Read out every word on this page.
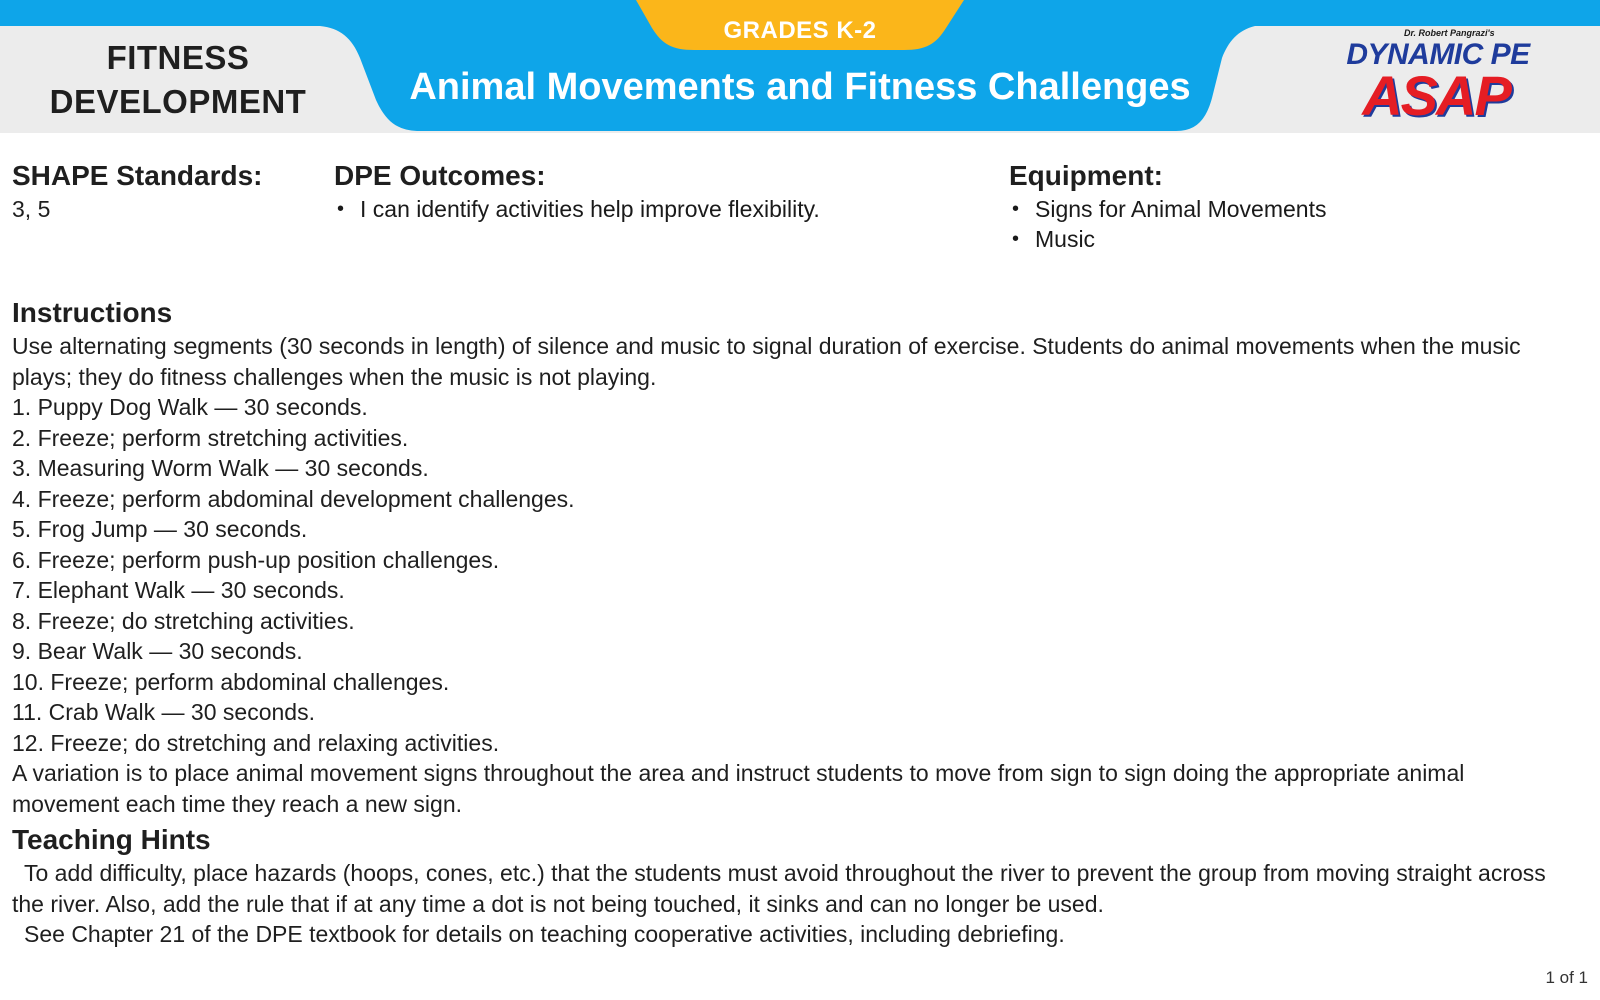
FITNESS
DEVELOPMENT
GRADES K-2
Animal Movements and Fitness Challenges
Dr. Robert Pangrazi's
DYNAMIC PE
ASAP
SHAPE Standards:
3, 5
DPE Outcomes:
• I can identify activities help improve flexibility.
Equipment:
• Signs for Animal Movements
• Music
Instructions
Use alternating segments (30 seconds in length) of silence and music to signal duration of exercise. Students do animal movements when the music plays; they do fitness challenges when the music is not playing.
1. Puppy Dog Walk — 30 seconds.
2. Freeze; perform stretching activities.
3. Measuring Worm Walk — 30 seconds.
4. Freeze; perform abdominal development challenges.
5. Frog Jump — 30 seconds.
6. Freeze; perform push-up position challenges.
7. Elephant Walk — 30 seconds.
8. Freeze; do stretching activities.
9. Bear Walk — 30 seconds.
10. Freeze; perform abdominal challenges.
11. Crab Walk — 30 seconds.
12. Freeze; do stretching and relaxing activities.
A variation is to place animal movement signs throughout the area and instruct students to move from sign to sign doing the appropriate animal movement each time they reach a new sign.
Teaching Hints
To add difficulty, place hazards (hoops, cones, etc.) that the students must avoid throughout the river to prevent the group from moving straight across the river. Also, add the rule that if at any time a dot is not being touched, it sinks and can no longer be used.
See Chapter 21 of the DPE textbook for details on teaching cooperative activities, including debriefing.
1 of 1
